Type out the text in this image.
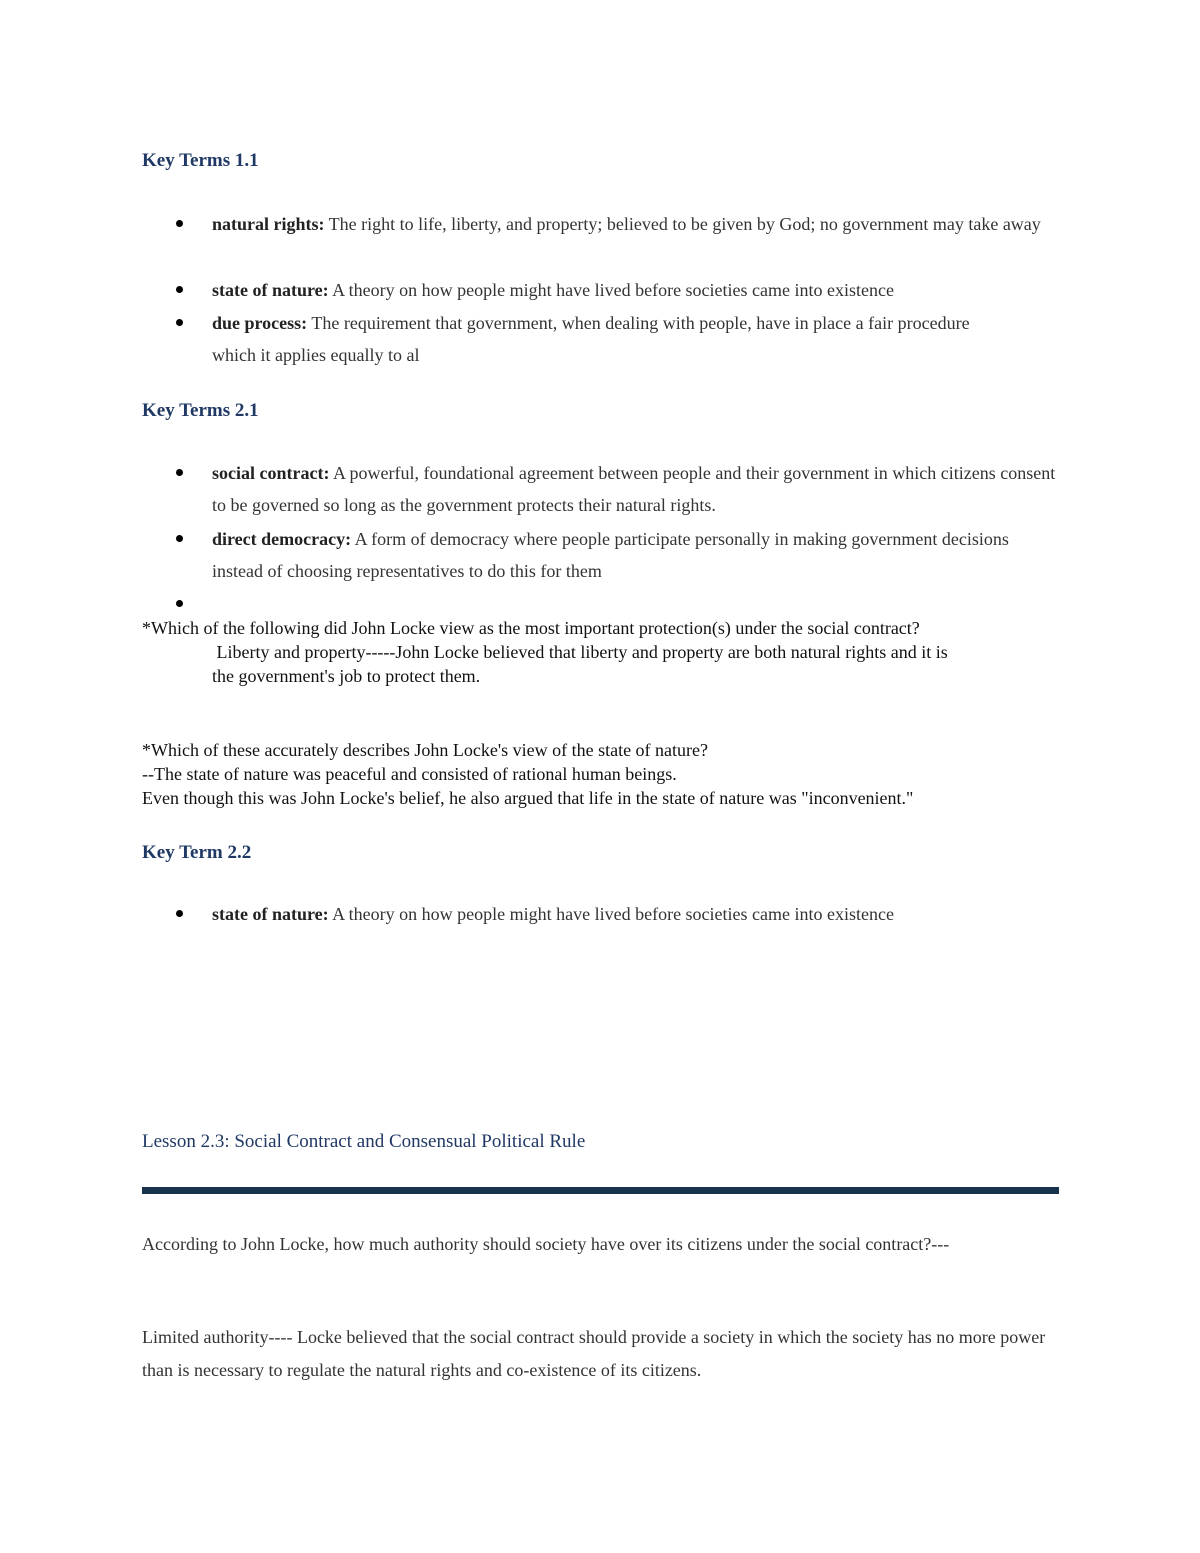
Key Terms 1.1
natural rights: The right to life, liberty, and property; believed to be given by God; no government may take away
state of nature: A theory on how people might have lived before societies came into existence
due process: The requirement that government, when dealing with people, have in place a fair procedure which it applies equally to al
Key Terms 2.1
social contract: A powerful, foundational agreement between people and their government in which citizens consent to be governed so long as the government protects their natural rights.
direct democracy: A form of democracy where people participate personally in making government decisions instead of choosing representatives to do this for them
*Which of the following did John Locke view as the most important protection(s) under the social contract?
Liberty and property-----John Locke believed that liberty and property are both natural rights and it is
the government's job to protect them.
*Which of these accurately describes John Locke's view of the state of nature?
--The state of nature was peaceful and consisted of rational human beings.
Even though this was John Locke's belief, he also argued that life in the state of nature was "inconvenient."
Key Term 2.2
state of nature: A theory on how people might have lived before societies came into existence
Lesson 2.3: Social Contract and Consensual Political Rule
According to John Locke, how much authority should society have over its citizens under the social contract?---
Limited authority---- Locke believed that the social contract should provide a society in which the society has no more power than is necessary to regulate the natural rights and co-existence of its citizens.
